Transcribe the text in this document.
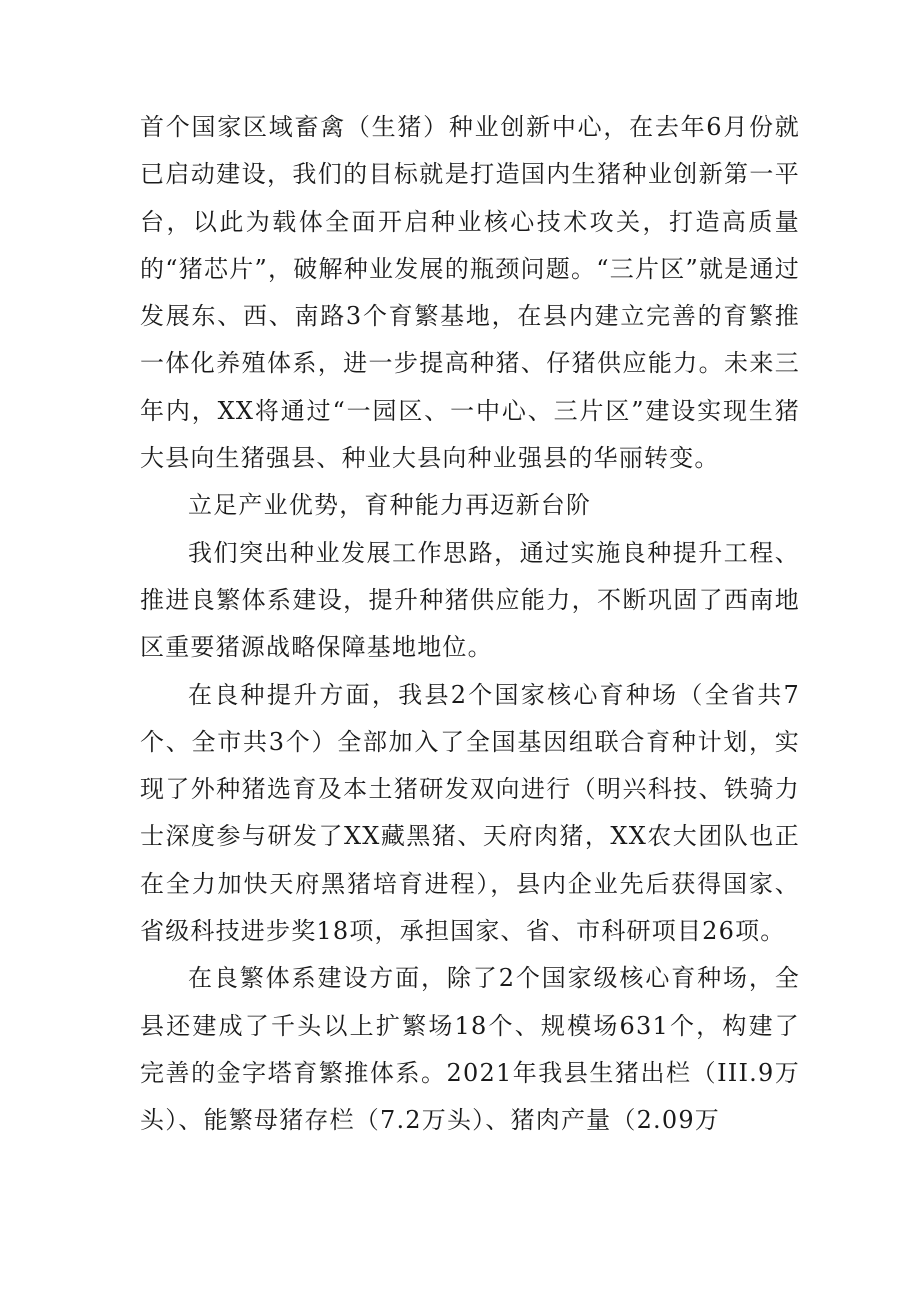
首个国家区域畜禽（生猪）种业创新中心，在去年6月份就已启动建设，我们的目标就是打造国内生猪种业创新第一平台，以此为载体全面开启种业核心技术攻关，打造高质量的“猪芯片”，破解种业发展的瓶颈问题。“三片区”就是通过发展东、西、南路3个育繁基地，在县内建立完善的育繁推一体化养殖体系，进一步提高种猪、仔猪供应能力。未来三年内，XX将通过“一园区、一中心、三片区”建设实现生猪大县向生猪强县、种业大县向种业强县的华丽转变。

立足产业优势，育种能力再迈新台阶

我们突出种业发展工作思路，通过实施良种提升工程、推进良繁体系建设，提升种猪供应能力，不断巩固了西南地区重要猪源战略保障基地地位。

在良种提升方面，我县2个国家核心育种场（全省共7个、全市共3个）全部加入了全国基因组联合育种计划，实现了外种猪选育及本土猪研发双向进行（明兴科技、铁骑力士深度参与研发了XX藏黑猪、天府肉猪，XX农大团队也正在全力加快天府黑猪培育进程），县内企业先后获得国家、省级科技进步奖18项，承担国家、省、市科研项目26项。

在良繁体系建设方面，除了2个国家级核心育种场，全县还建成了千头以上扩繁场18个、规模场631个，构建了完善的金字塔育繁推体系。2021年我县生猪出栏（III.9万头）、能繁母猪存栏（7.2万头）、猪肉产量（2.09万
